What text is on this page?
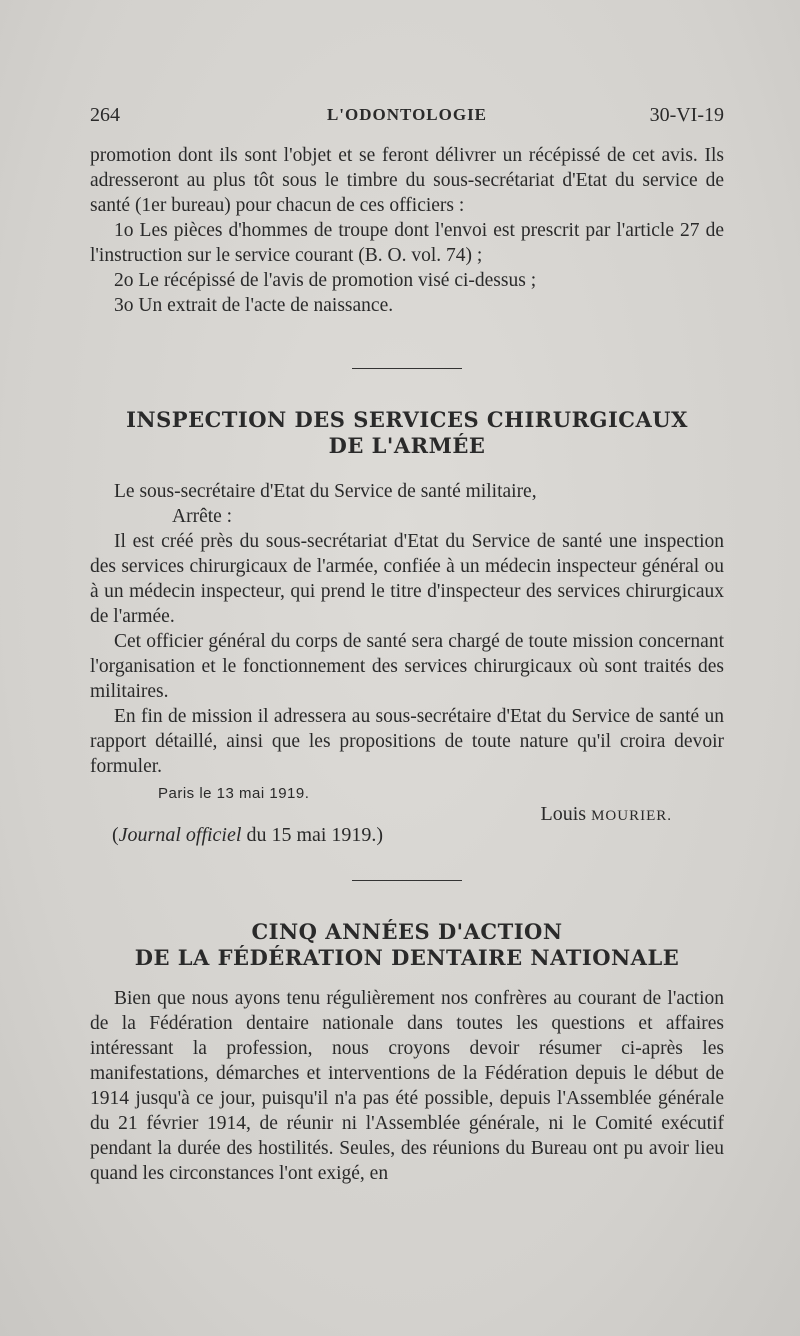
264	L'ODONTOLOGIE	30-VI-19

promotion dont ils sont l'objet et se feront délivrer un récépissé de cet avis. Ils adresseront au plus tôt sous le timbre du sous-secrétariat d'Etat du service de santé (1er bureau) pour chacun de ces officiers :

1o Les pièces d'hommes de troupe dont l'envoi est prescrit par l'article 27 de l'instruction sur le service courant (B. O. vol. 74) ;

2o Le récépissé de l'avis de promotion visé ci-dessus ;

3o Un extrait de l'acte de naissance.

INSPECTION DES SERVICES CHIRURGICAUX
DE L'ARMÉE

Le sous-secrétaire d'Etat du Service de santé militaire,

Arrête :

Il est créé près du sous-secrétariat d'Etat du Service de santé une inspection des services chirurgicaux de l'armée, confiée à un médecin inspecteur général ou à un médecin inspecteur, qui prend le titre d'inspecteur des services chirurgicaux de l'armée.

Cet officier général du corps de santé sera chargé de toute mission concernant l'organisation et le fonctionnement des services chirurgicaux où sont traités des militaires.

En fin de mission il adressera au sous-secrétaire d'Etat du Service de santé un rapport détaillé, ainsi que les propositions de toute nature qu'il croira devoir formuler.

Paris le 13 mai 1919.
Louis MOURIER.
(Journal officiel du 15 mai 1919.)
CINQ ANNÉES D'ACTION
DE LA FÉDÉRATION DENTAIRE NATIONALE

Bien que nous ayons tenu régulièrement nos confrères au courant de l'action de la Fédération dentaire nationale dans toutes les questions et affaires intéressant la profession, nous croyons devoir résumer ci-après les manifestations, démarches et interventions de la Fédération depuis le début de 1914 jusqu'à ce jour, puisqu'il n'a pas été possible, depuis l'Assemblée générale du 21 février 1914, de réunir ni l'Assemblée générale, ni le Comité exécutif pendant la durée des hostilités. Seules, des réunions du Bureau ont pu avoir lieu quand les circonstances l'ont exigé, en
